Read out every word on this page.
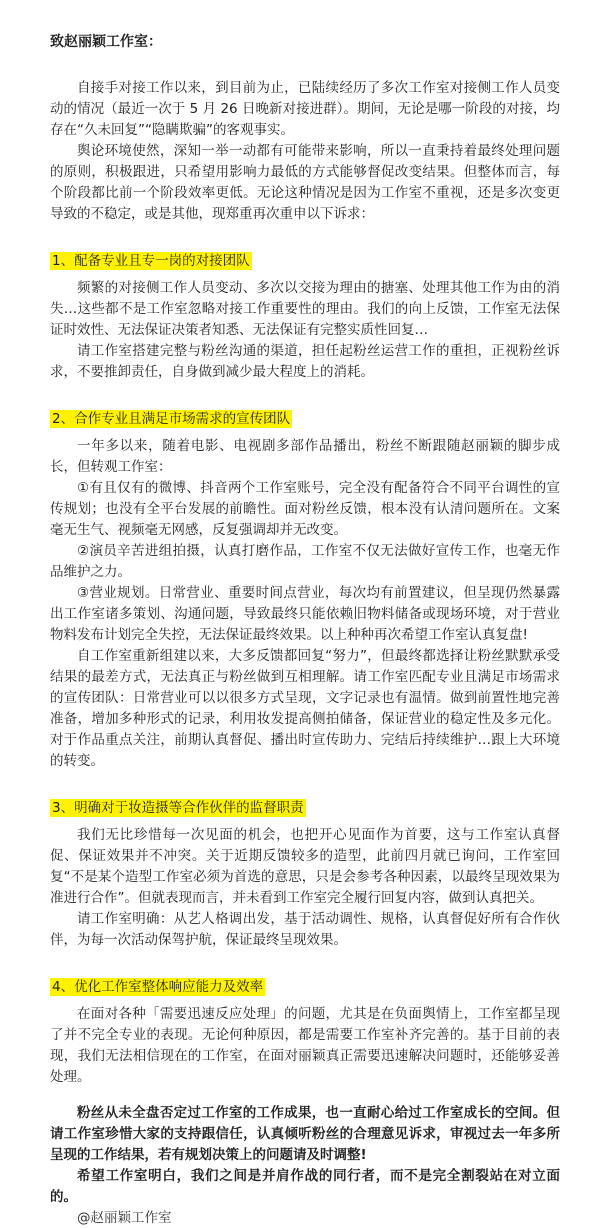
致赵丽颖工作室：

自接手对接工作以来，到目前为止，已陆续经历了多次工作室对接侧工作人员变动的情况（最近一次于 5 月 26 日晚新对接进群）。期间，无论是哪一阶段的对接，均存在“久未回复”“隐瞒欺骗”的客观事实。

舆论环境使然，深知一举一动都有可能带来影响，所以一直秉持着最终处理问题的原则，积极跟进，只希望用影响力最低的方式能够督促改变结果。但整体而言，每个阶段都比前一个阶段效率更低。无论这种情况是因为工作室不重视，还是多次变更导致的不稳定，或是其他，现郑重再次重申以下诉求：

1、配备专业且专一岗的对接团队

频繁的对接侧工作人员变动、多次以交接为理由的搪塞、处理其他工作为由的消失…这些都不是工作室忽略对接工作重要性的理由。我们的向上反馈，工作室无法保证时效性、无法保证决策者知悉、无法保证有完整实质性回复…

请工作室搭建完整与粉丝沟通的渠道，担任起粉丝运营工作的重担，正视粉丝诉求，不要推卸责任，自身做到减少最大程度上的消耗。

2、合作专业且满足市场需求的宣传团队

一年多以来，随着电影、电视剧多部作品播出，粉丝不断跟随赵丽颖的脚步成长，但转观工作室：

①有且仅有的微博、抖音两个工作室账号，完全没有配备符合不同平台调性的宣传规划；也没有全平台发展的前瞻性。面对粉丝反馈，根本没有认清问题所在。文案毫无生气、视频毫无网感，反复强调却并无改变。

②演员辛苦进组拍摄，认真打磨作品，工作室不仅无法做好宣传工作，也毫无作品维护之力。

③营业规划。日常营业、重要时间点营业，每次均有前置建议，但呈现仍然暴露出工作室诸多策划、沟通问题，导致最终只能依赖旧物料储备或现场环境，对于营业物料发布计划完全失控，无法保证最终效果。以上种种再次希望工作室认真复盘!

自工作室重新组建以来，大多反馈都回复“努力”，但最终都选择让粉丝默默承受结果的最差方式，无法真正与粉丝做到互相理解。请工作室匹配专业且满足市场需求的宣传团队：日常营业可以以很多方式呈现，文字记录也有温情。做到前置性地完善准备，增加多种形式的记录，利用妆发提高侧拍储备，保证营业的稳定性及多元化。对于作品重点关注，前期认真督促、播出时宣传助力、完结后持续维护…跟上大环境的转变。

3、明确对于妆造摄等合作伙伴的监督职责

我们无比珍惜每一次见面的机会，也把开心见面作为首要，这与工作室认真督促、保证效果并不冲突。关于近期反馈较多的造型，此前四月就已询问，工作室回复“不是某个造型工作室必须为首选的意思，只是会参考各种因素，以最终呈现效果为准进行合作”。但就表现而言，并未看到工作室完全履行回复内容，做到认真把关。

请工作室明确：从艺人格调出发，基于活动调性、规格，认真督促好所有合作伙伴，为每一次活动保驾护航，保证最终呈现效果。

4、优化工作室整体响应能力及效率

在面对各种「需要迅速反应处理」的问题，尤其是在负面舆情上，工作室都呈现了并不完全专业的表现。无论何种原因，都是需要工作室补齐完善的。基于目前的表现，我们无法相信现在的工作室，在面对丽颖真正需要迅速解决问题时，还能够妥善处理。

粉丝从未全盘否定过工作室的工作成果，也一直耐心给过工作室成长的空间。但请工作室珍惜大家的支持跟信任，认真倾听粉丝的合理意见诉求，审视过去一年多所呈现的工作结果，若有规划决策上的问题请及时调整!

希望工作室明白，我们之间是并肩作战的同行者，而不是完全割裂站在对立面的。

@赵丽颖工作室
